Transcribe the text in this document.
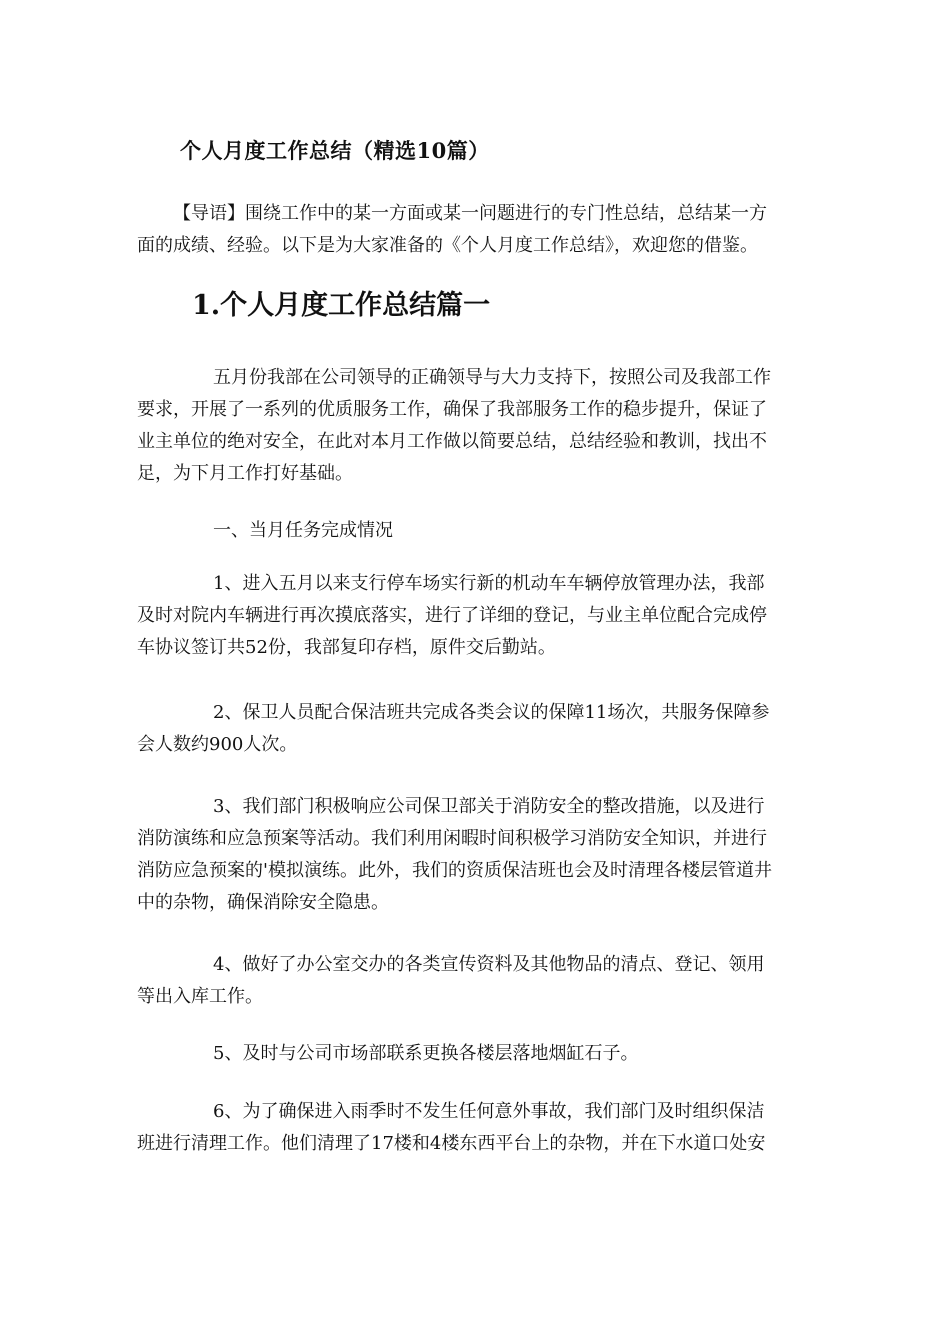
个人月度工作总结（精选10篇）

【导语】围绕工作中的某一方面或某一问题进行的专门性总结，总结某一方
面的成绩、经验。以下是为大家准备的《个人月度工作总结》，欢迎您的借鉴。

1.个人月度工作总结篇一

五月份我部在公司领导的正确领导与大力支持下，按照公司及我部工作
要求，开展了一系列的优质服务工作，确保了我部服务工作的稳步提升，保证了
业主单位的绝对安全，在此对本月工作做以简要总结，总结经验和教训，找出不
足，为下月工作打好基础。

一、当月任务完成情况

1、进入五月以来支行停车场实行新的机动车车辆停放管理办法，我部
及时对院内车辆进行再次摸底落实，进行了详细的登记，与业主单位配合完成停
车协议签订共52份，我部复印存档，原件交后勤站。

2、保卫人员配合保洁班共完成各类会议的保障11场次，共服务保障参
会人数约900人次。

3、我们部门积极响应公司保卫部关于消防安全的整改措施，以及进行
消防演练和应急预案等活动。我们利用闲暇时间积极学习消防安全知识，并进行
消防应急预案的'模拟演练。此外，我们的资质保洁班也会及时清理各楼层管道井
中的杂物，确保消除安全隐患。

4、做好了办公室交办的各类宣传资料及其他物品的清点、登记、领用
等出入库工作。

5、及时与公司市场部联系更换各楼层落地烟缸石子。

6、为了确保进入雨季时不发生任何意外事故，我们部门及时组织保洁
班进行清理工作。他们清理了17楼和4楼东西平台上的杂物，并在下水道口处安
